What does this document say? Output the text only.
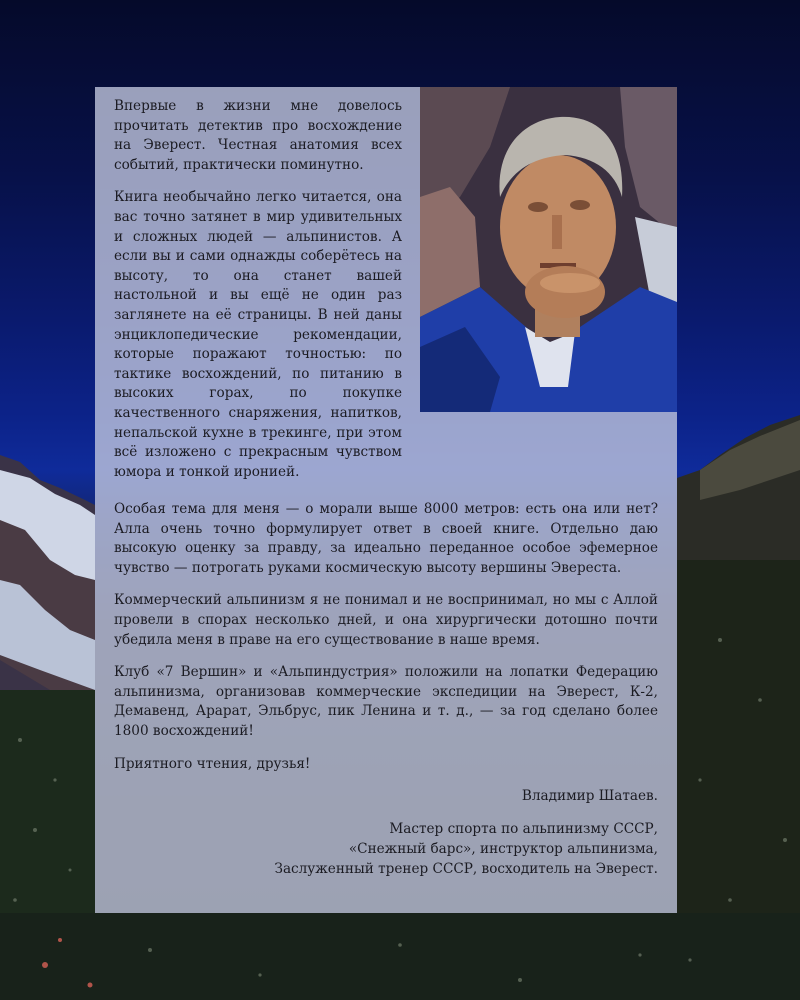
Впервые в жизни мне довелось прочитать детектив про восхождение на Эверест. Честная анатомия всех событий, практически поминутно.

Книга необычайно легко читается, она вас точно затянет в мир удивительных и сложных людей — альпинистов. А если вы и сами однажды соберётесь на высоту, то она станет вашей настольной и вы ещё не один раз заглянете на её страницы. В ней даны энциклопедические рекомендации, которые поражают точностью: по тактике восхождений, по питанию в высоких горах, по покупке качественного снаряжения, напитков, непальской кухне в трекинге, при этом всё изложено с прекрасным чувством юмора и тонкой иронией.

Особая тема для меня — о морали выше 8000 метров: есть она или нет? Алла очень точно формулирует ответ в своей книге. Отдельно даю высокую оценку за правду, за идеально переданное особое эфемерное чувство — потрогать руками космическую высоту вершины Эвереста.

Коммерческий альпинизм я не понимал и не воспринимал, но мы с Аллой провели в спорах несколько дней, и она хирургически дотошно почти убедила меня в праве на его существование в наше время.

Клуб «7 Вершин» и «Альпиндустрия» положили на лопатки Федерацию альпинизма, организовав коммерческие экспедиции на Эверест, К-2, Демавенд, Арарат, Эльбрус, пик Ленина и т. д., — за год сделано более 1800 восхождений!

Приятного чтения, друзья!

Владимир Шатаев.

Мастер спорта по альпинизму СССР,
«Снежный барс», инструктор альпинизма,
Заслуженный тренер СССР, восходитель на Эверест.
